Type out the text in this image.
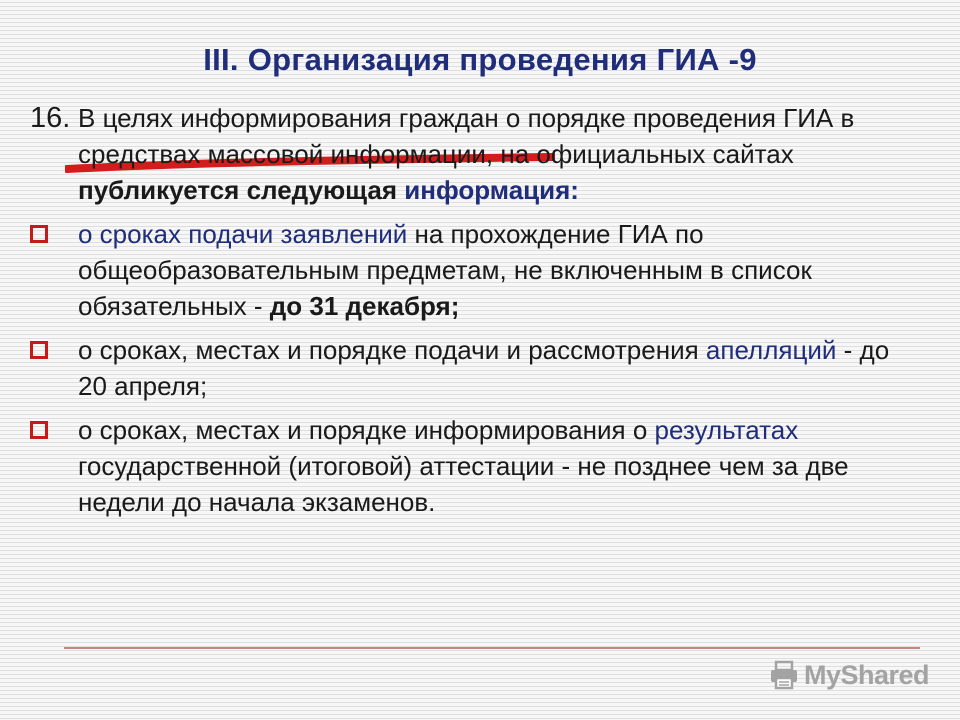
III. Организация проведения ГИА -9
16. В целях информирования граждан о порядке проведения ГИА в средствах массовой информации, на официальных сайтах публикуется следующая информация:
о сроках подачи заявлений на прохождение ГИА по общеобразовательным предметам, не включенным в список обязательных - до 31 декабря;
о сроках, местах и порядке подачи и рассмотрения апелляций - до 20 апреля;
о сроках, местах и порядке информирования о результатах государственной (итоговой) аттестации - не позднее чем за две недели до начала экзаменов.
MyShared
